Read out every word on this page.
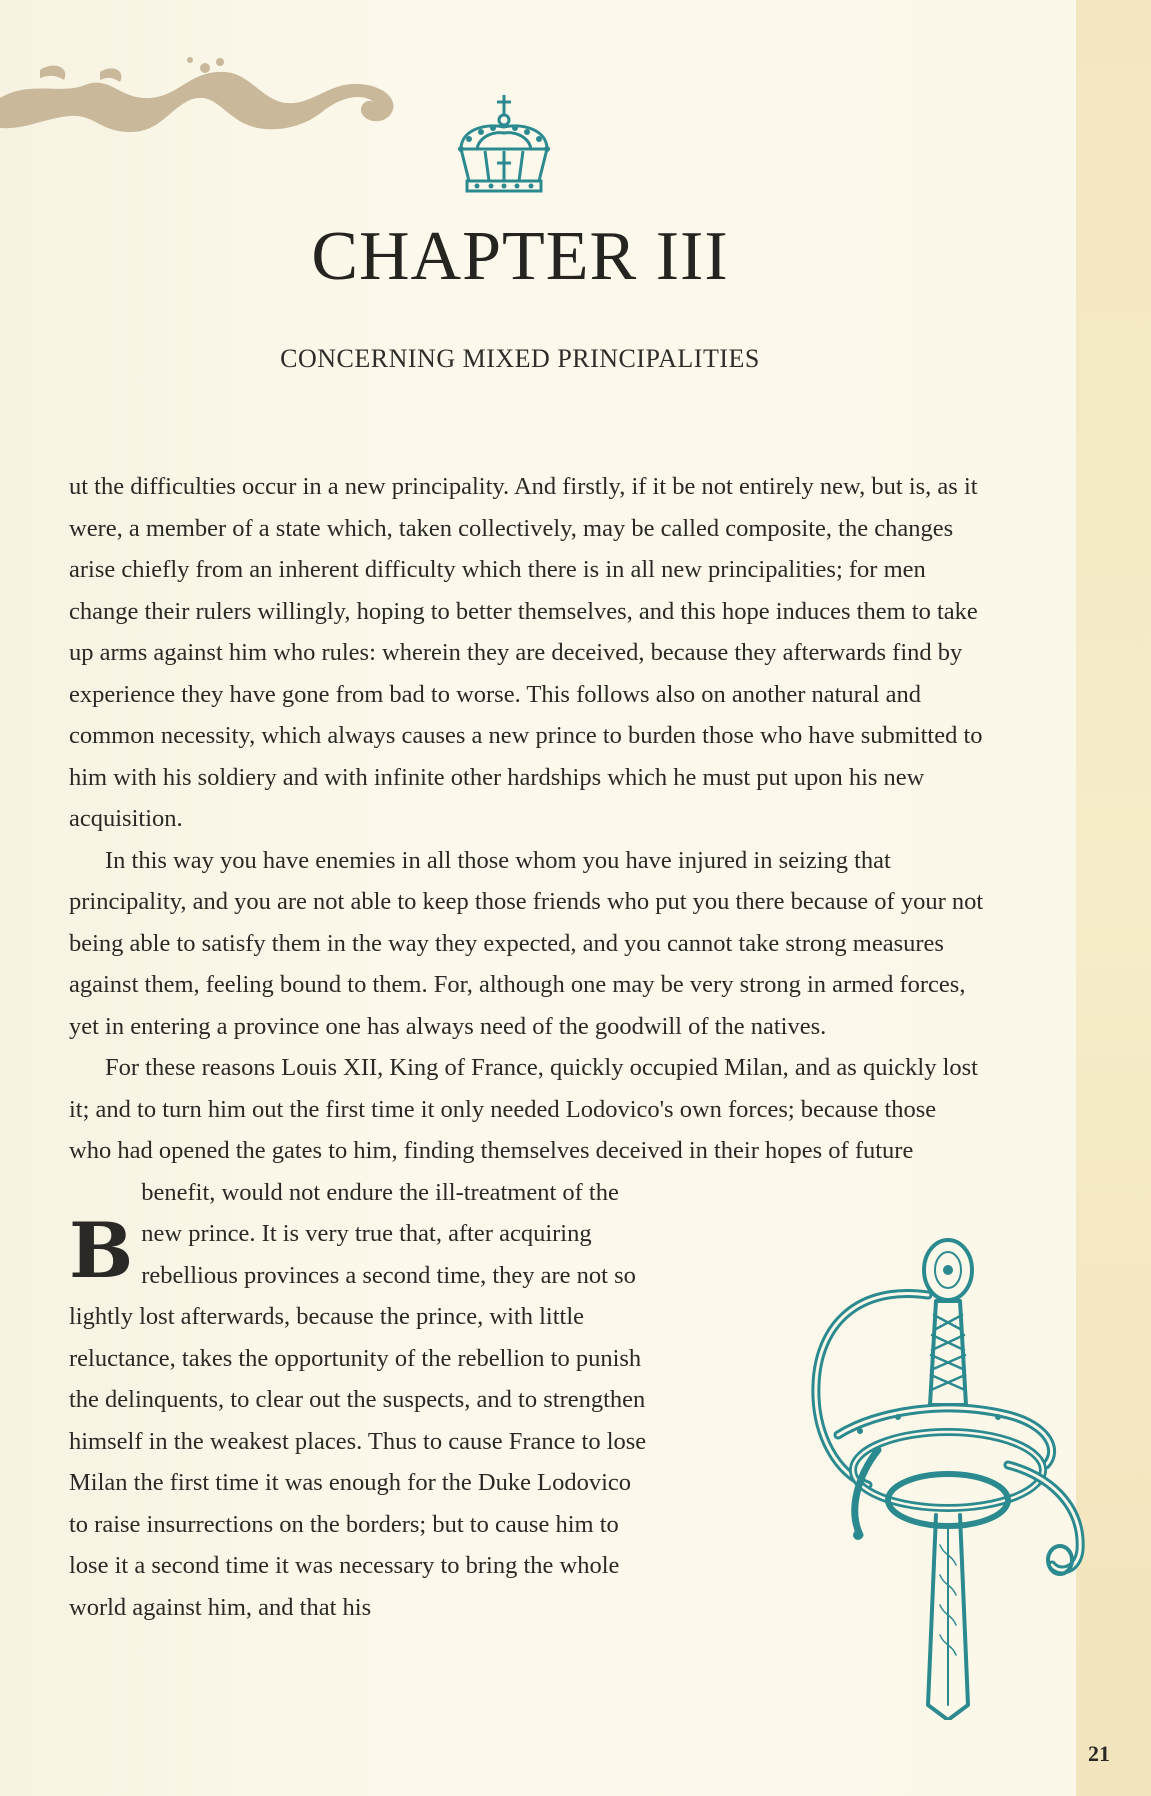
CHAPTER III
CONCERNING MIXED PRINCIPALITIES

B
ut the difficulties occur in a new principality. And firstly, if it be not entirely new, but is, as it were, a member of a state which, taken collectively, may be called composite, the changes arise chiefly from an inherent difficulty which there is in all new principalities; for men change their rulers willingly, hoping to better themselves, and this hope induces them to take up arms against him who rules: wherein they are deceived, because they afterwards find by experience they have gone from bad to worse. This follows also on another natural and common necessity, which always causes a new prince to burden those who have submitted to him with his soldiery and with infinite other hardships which he must put upon his new acquisition.

In this way you have enemies in all those whom you have injured in seizing that principality, and you are not able to keep those friends who put you there because of your not being able to satisfy them in the way they expected, and you cannot take strong measures against them, feeling bound to them. For, although one may be very strong in armed forces, yet in entering a province one has always need of the goodwill of the natives.

For these reasons Louis XII, King of France, quickly occupied Milan, and as quickly lost it; and to turn him out the first time it only needed Lodovico's own forces; because those who had opened the gates to him, finding themselves deceived in their hopes of future benefit, would not endure the ill-treatment of the new prince. It is very true that, after acquiring rebellious provinces a second time, they are not so lightly lost afterwards, because the prince, with little reluctance, takes the opportunity of the rebellion to punish the delinquents, to clear out the suspects, and to strengthen himself in the weakest places. Thus to cause France to lose Milan the first time it was enough for the Duke Lodovico to raise insurrections on the borders; but to cause him to lose it a second time it was necessary to bring the whole world against him, and that his

21
